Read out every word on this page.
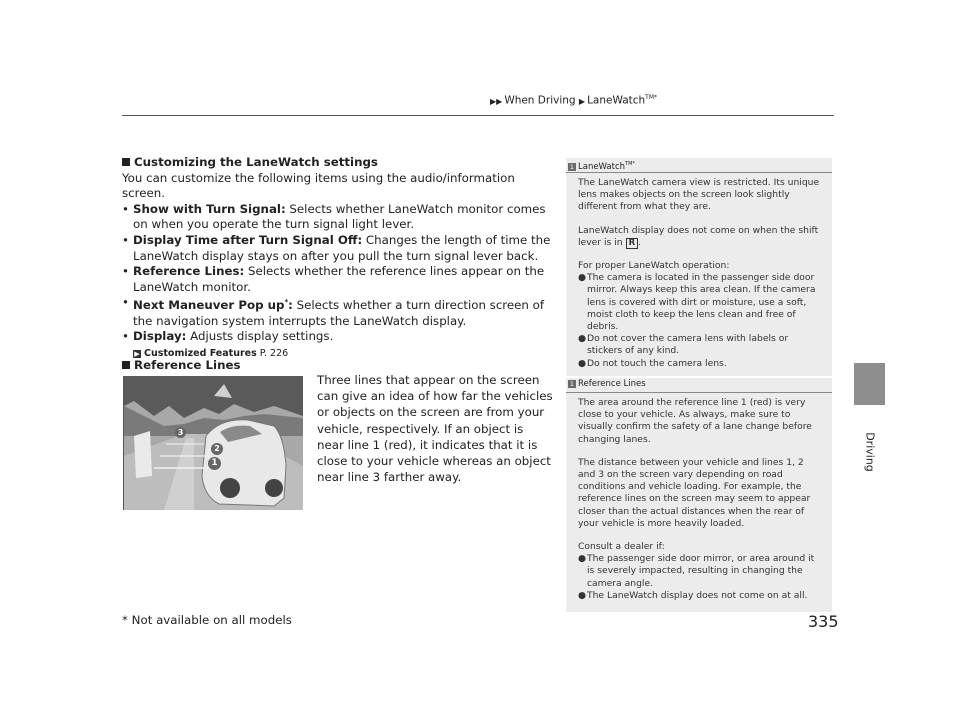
▶▶ When Driving ▶ LaneWatch$^{TM*}$
Driving
Customizing the LaneWatch settings

You can customize the following items using the audio/information screen.

• Show with Turn Signal: Selects whether LaneWatch monitor comes on when you operate the turn signal light lever.
• Display Time after Turn Signal Off: Changes the length of time the LaneWatch display stays on after you pull the turn signal lever back.
• Reference Lines: Selects whether the reference lines appear on the LaneWatch monitor.
• Next Maneuver Pop up*: Selects whether a turn direction screen of the navigation system interrupts the LaneWatch display.
• Display: Adjusts display settings.
▶ Customized Features P. 226
Reference Lines
Three lines that appear on the screen can give an idea of how far the vehicles or objects on the screen are from your vehicle, respectively. If an object is near line 1 (red), it indicates that it is close to your vehicle whereas an object near line 3 farther away.
3
2
1
1 LaneWatch$^{TM*}$

The LaneWatch camera view is restricted. Its unique lens makes objects on the screen look slightly different from what they are.

LaneWatch display does not come on when the shift lever is in R .

For proper LaneWatch operation:

● The camera is located in the passenger side door mirror. Always keep this area clean. If the camera lens is covered with dirt or moisture, use a soft, moist cloth to keep the lens clean and free of debris.
● Do not cover the camera lens with labels or stickers of any kind.
● Do not touch the camera lens.
1 Reference Lines

The area around the reference line 1 (red) is very close to your vehicle. As always, make sure to visually confirm the safety of a lane change before changing lanes.

The distance between your vehicle and lines 1, 2 and 3 on the screen vary depending on road conditions and vehicle loading. For example, the reference lines on the screen may seem to appear closer than the actual distances when the rear of your vehicle is more heavily loaded.

Consult a dealer if:

● The passenger side door mirror, or area around it is severely impacted, resulting in changing the camera angle.
● The LaneWatch display does not come on at all.
* Not available on all models	335
